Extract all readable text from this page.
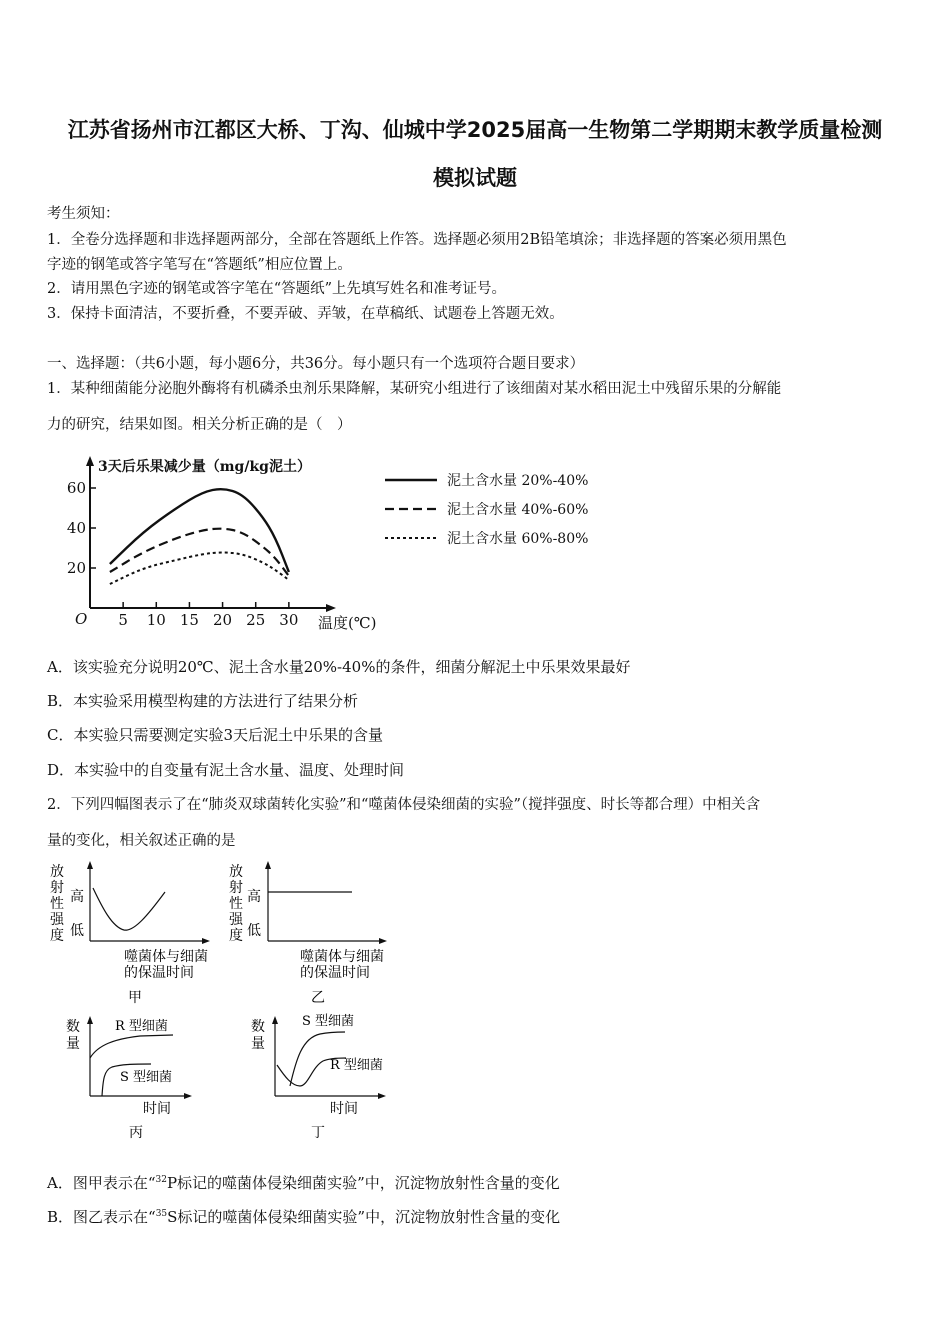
江苏省扬州市江都区大桥、丁沟、仙城中学2025届高一生物第二学期期末教学质量检测
模拟试题
考生须知：
1．全卷分选择题和非选择题两部分，全部在答题纸上作答。选择题必须用2B铅笔填涂；非选择题的答案必须用黑色
字迹的钢笔或答字笔写在“答题纸”相应位置上。
2．请用黑色字迹的钢笔或答字笔在“答题纸”上先填写姓名和准考证号。
3．保持卡面清洁，不要折叠，不要弄破、弄皱，在草稿纸、试题卷上答题无效。
一、选择题：（共6小题，每小题6分，共36分。每小题只有一个选项符合题目要求）
1．某种细菌能分泌胞外酶将有机磷杀虫剂乐果降解，某研究小组进行了该细菌对某水稻田泥土中残留乐果的分解能
力的研究，结果如图。相关分析正确的是（　）
3天后乐果减少量（mg/kg泥土）
温度(℃)
O 5 10 15 20 25 30
20
40
60	泥土含水量 20%-40%
泥土含水量 40%-60%
泥土含水量 60%-80%
A．该实验充分说明20℃、泥土含水量20%-40%的条件，细菌分解泥土中乐果效果最好
B．本实验采用模型构建的方法进行了结果分析
C．本实验只需要测定实验3天后泥土中乐果的含量
D．本实验中的自变量有泥土含水量、温度、处理时间
2．下列四幅图表示了在“肺炎双球菌转化实验”和“噬菌体侵染细菌的实验”（搅拌强度、时长等都合理）中相关含
量的变化，相关叙述正确的是
放
射
性
强
度
高
低
噬菌体与细菌
的保温时间
甲
放
射
性
强
度
高
低
噬菌体与细菌
的保温时间
乙
数
量
R 型细菌
S 型细菌
时间
丙
数
量
S 型细菌
R 型细菌
时间
丁
A．图甲表示在“$^{32}$P标记的噬菌体侵染细菌实验”中，沉淀物放射性含量的变化
B．图乙表示在“$^{35}$S标记的噬菌体侵染细菌实验”中，沉淀物放射性含量的变化
